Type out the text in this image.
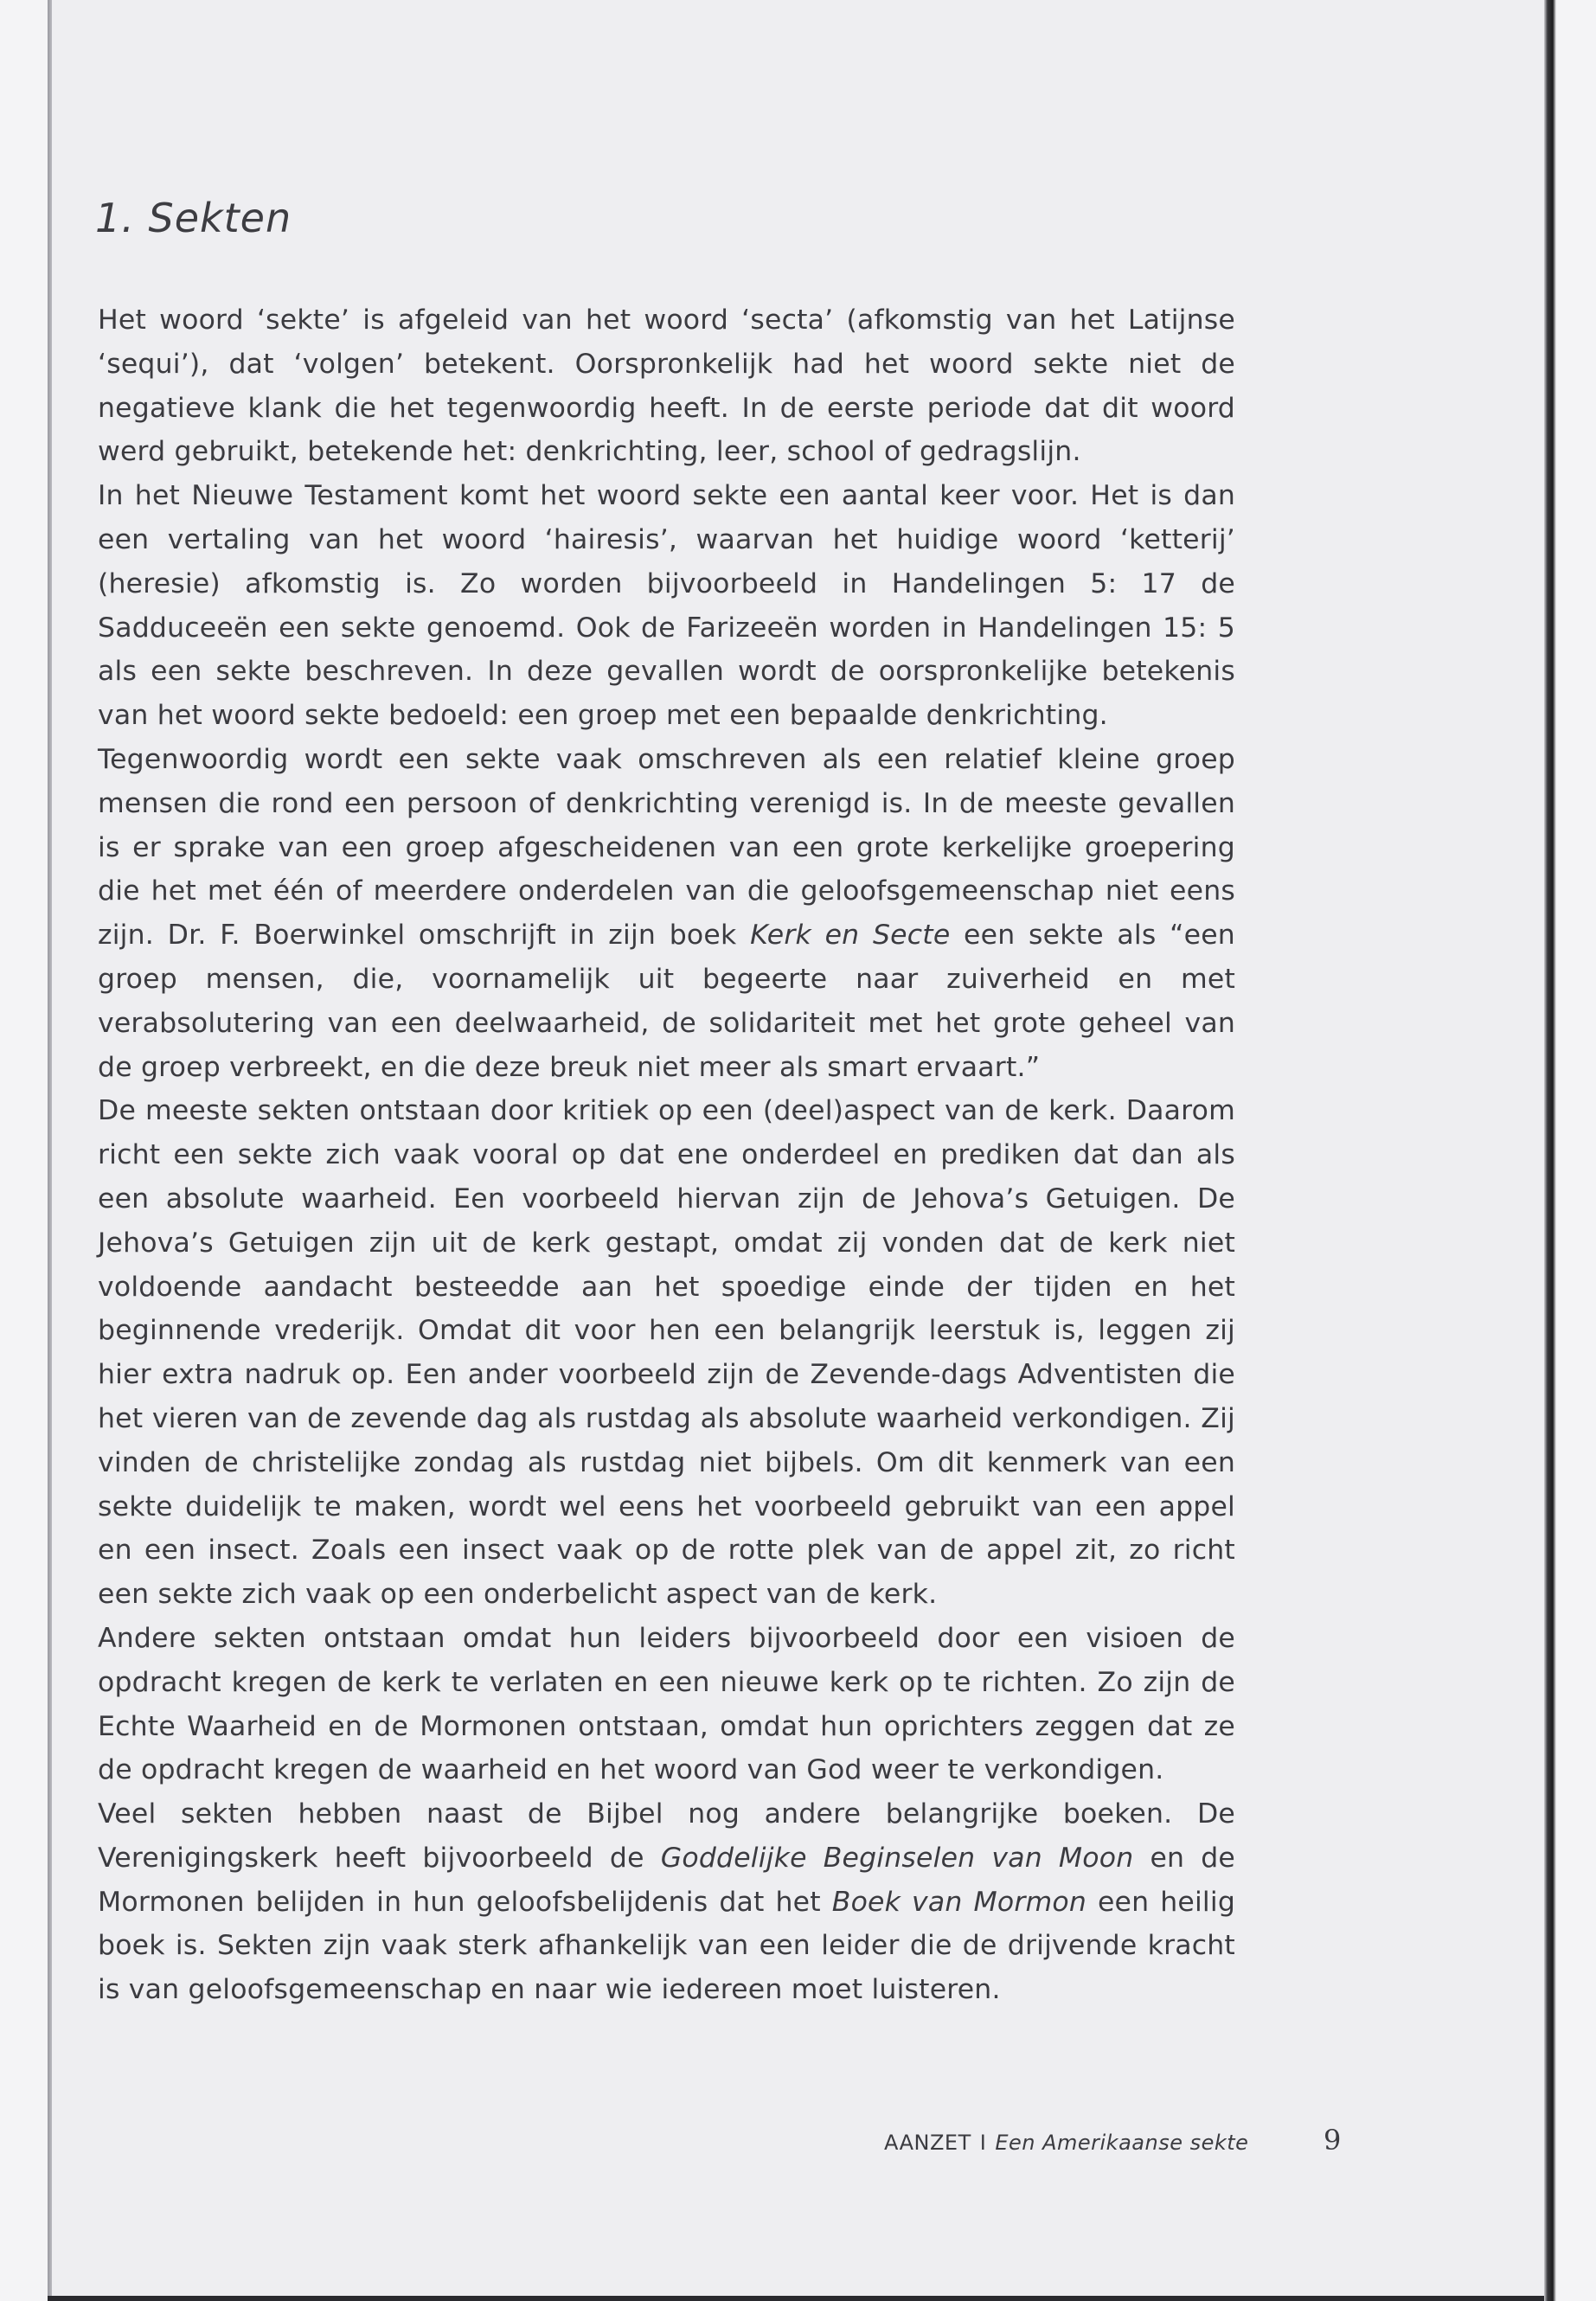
1. Sekten

Het woord ‘sekte’ is afgeleid van het woord ‘secta’ (afkomstig van het Latijnse ‘sequi’), dat ‘volgen’ betekent. Oorspronkelijk had het woord sekte niet de negatieve klank die het tegenwoordig heeft. In de eerste periode dat dit woord werd gebruikt, betekende het: denkrichting, leer, school of gedragslijn.

In het Nieuwe Testament komt het woord sekte een aantal keer voor. Het is dan een vertaling van het woord ‘hairesis’, waarvan het huidige woord ‘ketterij’ (heresie) afkomstig is. Zo worden bijvoorbeeld in Handelingen 5: 17 de Sadduceeën een sekte genoemd. Ook de Farizeeën worden in Handelingen 15: 5 als een sekte beschreven. In deze gevallen wordt de oorspronkelijke betekenis van het woord sekte bedoeld: een groep met een bepaalde denkrichting.

Tegenwoordig wordt een sekte vaak omschreven als een relatief kleine groep mensen die rond een persoon of denkrichting verenigd is. In de meeste gevallen is er sprake van een groep afgescheidenen van een grote kerkelijke groepering die het met één of meerdere onderdelen van die geloofsgemeenschap niet eens zijn. Dr. F. Boerwinkel omschrijft in zijn boek Kerk en Secte een sekte als “een groep mensen, die, voornamelijk uit begeerte naar zuiverheid en met verabsolutering van een deelwaarheid, de solidariteit met het grote geheel van de groep verbreekt, en die deze breuk niet meer als smart ervaart.”

De meeste sekten ontstaan door kritiek op een (deel)aspect van de kerk. Daarom richt een sekte zich vaak vooral op dat ene onderdeel en prediken dat dan als een absolute waarheid. Een voorbeeld hiervan zijn de Jehova’s Getuigen. De Jehova’s Getuigen zijn uit de kerk gestapt, omdat zij vonden dat de kerk niet voldoende aandacht besteedde aan het spoedige einde der tijden en het beginnende vrederijk. Omdat dit voor hen een belangrijk leerstuk is, leggen zij hier extra nadruk op. Een ander voorbeeld zijn de Zevende-dags Adventisten die het vieren van de zevende dag als rustdag als absolute waarheid verkondigen. Zij vinden de christelijke zondag als rustdag niet bijbels. Om dit kenmerk van een sekte duidelijk te maken, wordt wel eens het voorbeeld gebruikt van een appel en een insect. Zoals een insect vaak op de rotte plek van de appel zit, zo richt een sekte zich vaak op een onderbelicht aspect van de kerk.

Andere sekten ontstaan omdat hun leiders bijvoorbeeld door een visioen de opdracht kregen de kerk te verlaten en een nieuwe kerk op te richten. Zo zijn de Echte Waarheid en de Mormonen ontstaan, omdat hun oprichters zeggen dat ze de opdracht kregen de waarheid en het woord van God weer te verkondigen.

Veel sekten hebben naast de Bijbel nog andere belangrijke boeken. De Verenigingskerk heeft bijvoorbeeld de Goddelijke Beginselen van Moon en de Mormonen belijden in hun geloofsbelijdenis dat het Boek van Mormon een heilig boek is. Sekten zijn vaak sterk afhankelijk van een leider die de drijvende kracht is van geloofsgemeenschap en naar wie iedereen moet luisteren.

AANZET I Een Amerikaanse sekte	9
